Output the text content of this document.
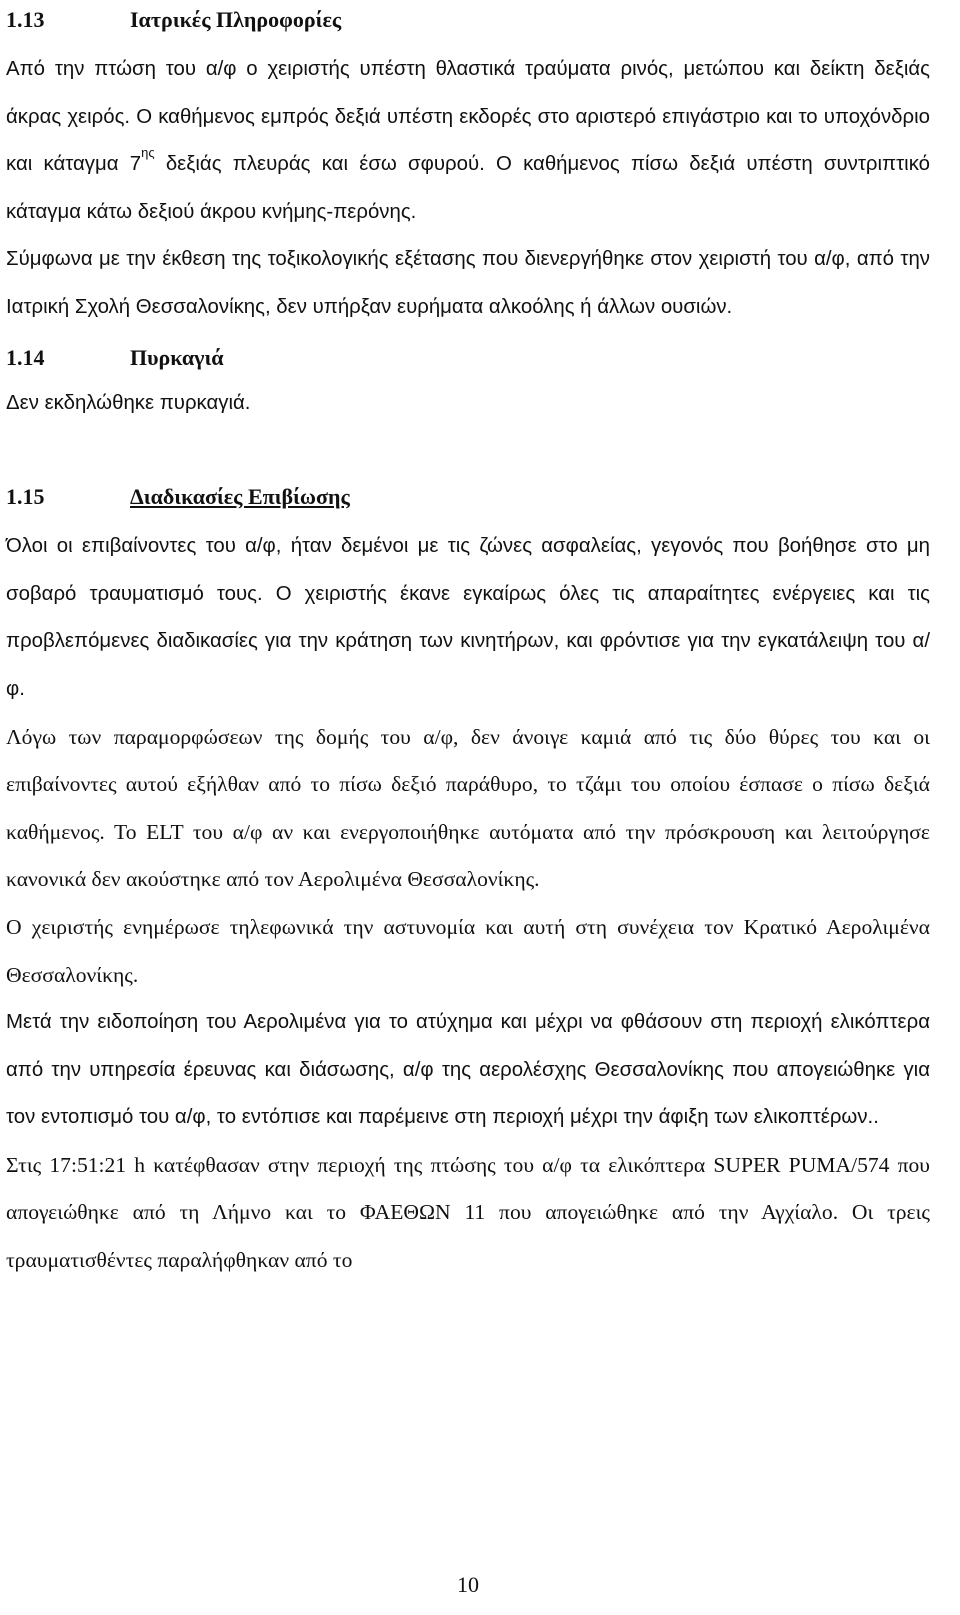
1.13	Ιατρικές Πληροφορίες

Από την πτώση του α/φ ο χειριστής υπέστη θλαστικά τραύματα ρινός, μετώπου και δείκτη δεξιάς άκρας χειρός. Ο καθήμενος εμπρός δεξιά υπέστη εκδορές στο αριστερό επιγάστριο και το υποχόνδριο και κάταγμα $7^{\eta\varsigma}$ δεξιάς πλευράς και έσω σφυρού. Ο καθήμενος πίσω δεξιά υπέστη συντριπτικό κάταγμα κάτω δεξιού άκρου κνήμης-περόνης.

Σύμφωνα με την έκθεση της τοξικολογικής εξέτασης που διενεργήθηκε στον χειριστή του α/φ, από την Ιατρική Σχολή Θεσσαλονίκης, δεν υπήρξαν ευρήματα αλκοόλης ή άλλων ουσιών.

1.14	Πυρκαγιά

Δεν εκδηλώθηκε πυρκαγιά.

1.15	Διαδικασίες Επιβίωσης

Όλοι οι επιβαίνοντες του α/φ, ήταν δεμένοι με τις ζώνες ασφαλείας, γεγονός που βοήθησε στο μη σοβαρό τραυματισμό τους. Ο χειριστής έκανε εγκαίρως όλες τις απαραίτητες ενέργειες και τις προβλεπόμενες διαδικασίες για την κράτηση των κινητήρων, και φρόντισε για την εγκατάλειψη του α/φ.

Λόγω των παραμορφώσεων της δομής του α/φ, δεν άνοιγε καμιά από τις δύο θύρες του και οι επιβαίνοντες αυτού εξήλθαν από το πίσω δεξιό παράθυρο, το τζάμι του οποίου έσπασε ο πίσω δεξιά καθήμενος. Το ELT του α/φ αν και ενεργοποιήθηκε αυτόματα από την πρόσκρουση και λειτούργησε κανονικά δεν ακούστηκε από τον Αερολιμένα Θεσσαλονίκης.

Ο χειριστής ενημέρωσε τηλεφωνικά την αστυνομία και αυτή στη συνέχεια τον Κρατικό Αερολιμένα Θεσσαλονίκης.

Μετά την ειδοποίηση του Αερολιμένα για το ατύχημα και μέχρι να φθάσουν στη περιοχή ελικόπτερα από την υπηρεσία έρευνας και διάσωσης, α/φ της αερολέσχης Θεσσαλονίκης που απογειώθηκε για τον εντοπισμό του α/φ, το εντόπισε και παρέμεινε στη περιοχή μέχρι την άφιξη των ελικοπτέρων..

Στις 17:51:21 h κατέφθασαν στην περιοχή της πτώσης του α/φ τα ελικόπτερα SUPER PUMA/574 που απογειώθηκε από τη Λήμνο και το ΦΑΕΘΩΝ 11 που απογειώθηκε από την Αγχίαλο. Οι τρεις τραυματισθέντες παραλήφθηκαν από το

10
